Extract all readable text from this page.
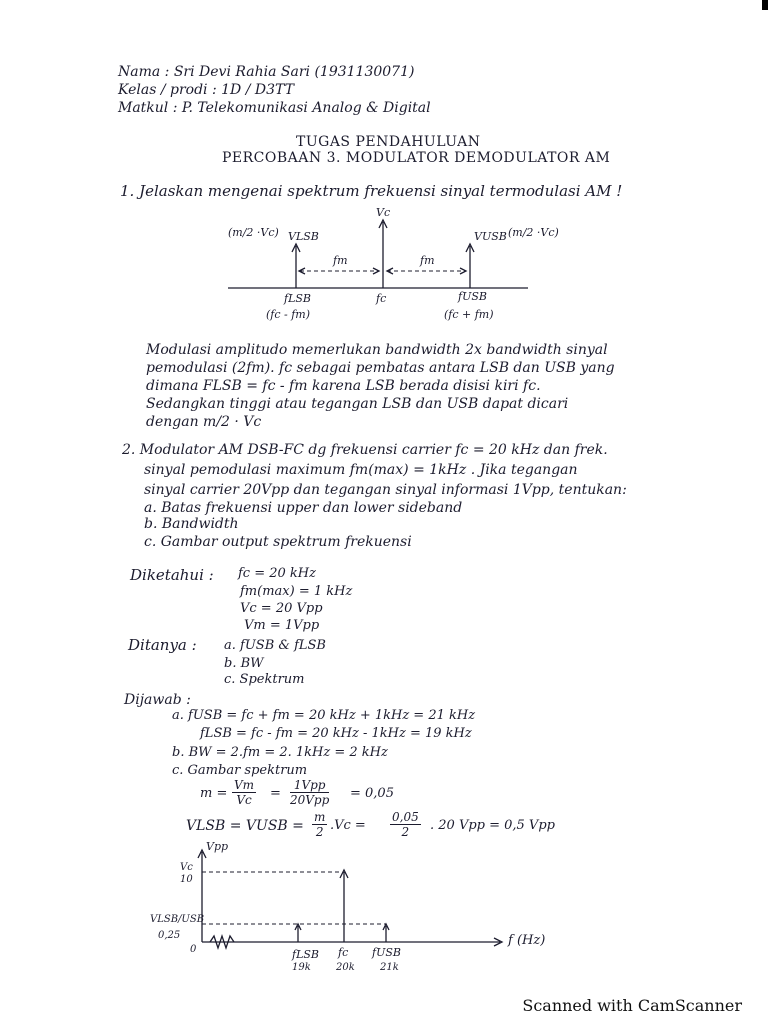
Nama : Sri Devi Rahia Sari (1931130071)
Kelas / prodi : 1D / D3TT
Matkul : P. Telekomunikasi Analog & Digital
TUGAS PENDAHULUAN
PERCOBAAN 3. MODULATOR DEMODULATOR AM
1. Jelaskan mengenai spektrum frekuensi sinyal termodulasi AM !
Vc
(m/2 ·Vc) VLSB	VUSB (m/2 ·Vc)
fm	fm
fLSB
(fc - fm)
fc	fUSB
(fc + fm)
Modulasi amplitudo memerlukan bandwidth 2x bandwidth sinyal
pemodulasi (2fm). fc sebagai pembatas antara LSB dan USB yang
dimana FLSB = fc - fm karena LSB berada disisi kiri fc.
Sedangkan tinggi atau tegangan LSB dan USB dapat dicari
dengan m/2 · Vc
2. Modulator AM DSB-FC dg frekuensi carrier fc = 20 kHz dan frek.
sinyal pemodulasi maximum fm(max) = 1kHz . Jika tegangan
sinyal carrier 20Vpp dan tegangan sinyal informasi 1Vpp, tentukan:
a. Batas frekuensi upper dan lower sideband
b. Bandwidth
c. Gambar output spektrum frekuensi
Diketahui : fc = 20 kHz
fm(max) = 1 kHz
Vc = 20 Vpp
Vm = 1Vpp
Ditanya : a. fUSB & fLSB
b. BW
c. Spektrum
Dijawab :
a. fUSB = fc + fm = 20 kHz + 1kHz = 21 kHz
fLSB = fc - fm = 20 kHz - 1kHz = 19 kHz
b. BW = 2.fm = 2. 1kHz = 2 kHz
c. Gambar spektrum
$m = \frac{Vm}{Vc}$ =
1Vpp
20Vpp = 0,05
VLSB = VUSB = $\frac{m}{2} .Vc = \frac{0,05}{2}$ . 20 Vpp = 0,5 Vpp
Vpp
Vc
10
VLSB/USB
0,25
0
f (Hz)
fLSB
19k
fc
20k
fUSB
21k
Scanned with CamScanner
